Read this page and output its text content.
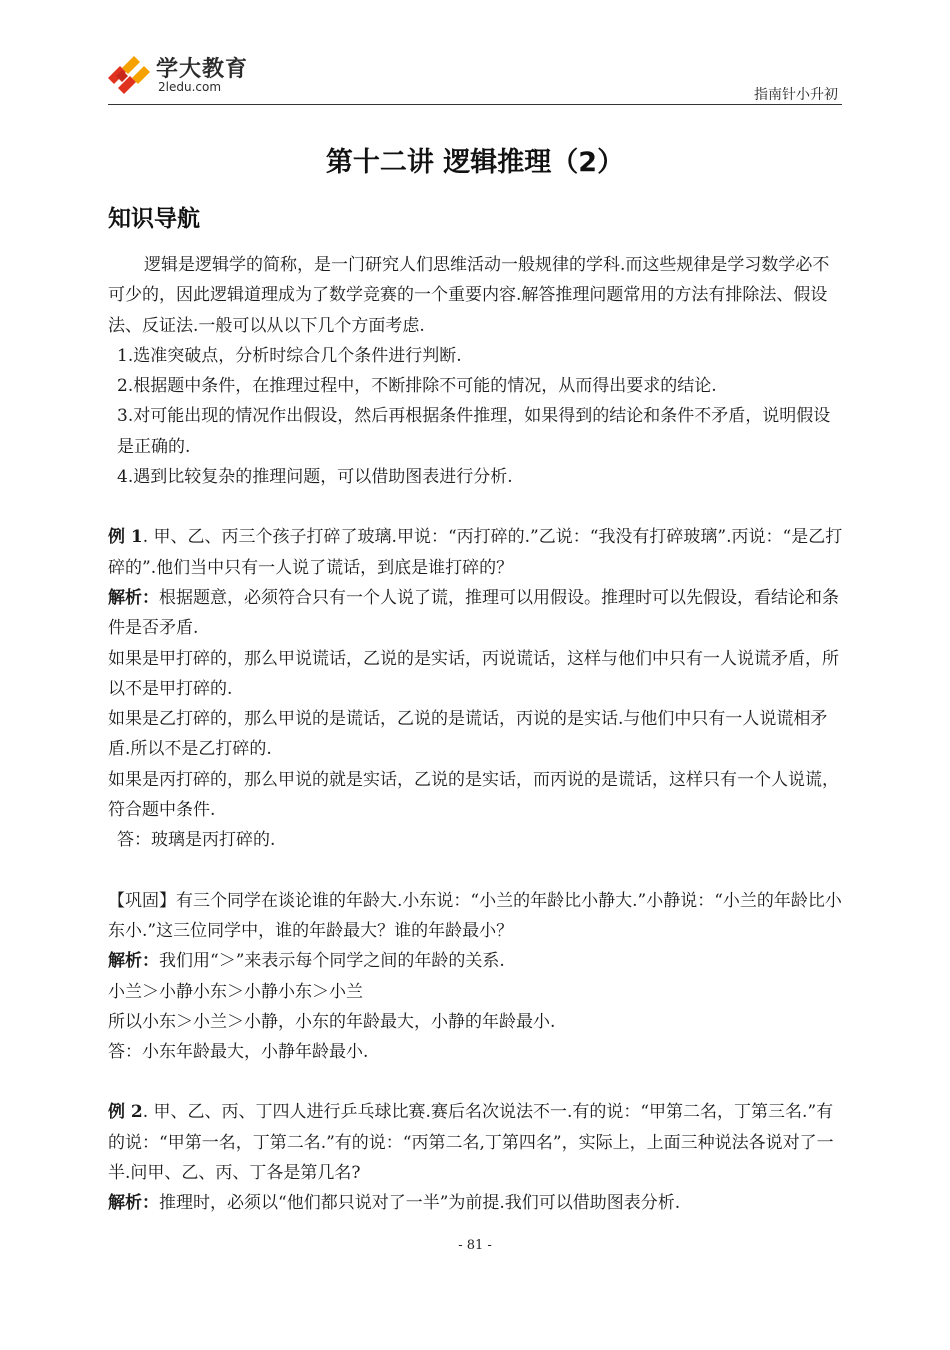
学大教育
2ledu.com	指南针小升初
第十二讲 逻辑推理（2）
知识导航

逻辑是逻辑学的简称，是一门研究人们思维活动一般规律的学科.而这些规律是学习数学必不可少的，因此逻辑道理成为了数学竞赛的一个重要内容.解答推理问题常用的方法有排除法、假设法、反证法.一般可以从以下几个方面考虑.

1.选准突破点，分析时综合几个条件进行判断.

2.根据题中条件，在推理过程中，不断排除不可能的情况，从而得出要求的结论.

3.对可能出现的情况作出假设，然后再根据条件推理，如果得到的结论和条件不矛盾，说明假设是正确的.

4.遇到比较复杂的推理问题，可以借助图表进行分析.

例 1. 甲、乙、丙三个孩子打碎了玻璃.甲说：“丙打碎的.”乙说：“我没有打碎玻璃”.丙说：“是乙打碎的”.他们当中只有一人说了谎话，到底是谁打碎的？

解析：根据题意，必须符合只有一个人说了谎，推理可以用假设。推理时可以先假设，看结论和条件是否矛盾.

如果是甲打碎的，那么甲说谎话，乙说的是实话，丙说谎话，这样与他们中只有一人说谎矛盾，所以不是甲打碎的.

如果是乙打碎的，那么甲说的是谎话，乙说的是谎话，丙说的是实话.与他们中只有一人说谎相矛盾.所以不是乙打碎的.

如果是丙打碎的，那么甲说的就是实话，乙说的是实话，而丙说的是谎话，这样只有一个人说谎，符合题中条件.

答：玻璃是丙打碎的.

【巩固】有三个同学在谈论谁的年龄大.小东说：“小兰的年龄比小静大.”小静说：“小兰的年龄比小东小.”这三位同学中，谁的年龄最大？谁的年龄最小？

解析：我们用“＞”来表示每个同学之间的年龄的关系.

小兰＞小静小东＞小静小东＞小兰

所以小东＞小兰＞小静，小东的年龄最大，小静的年龄最小.

答：小东年龄最大，小静年龄最小.

例 2. 甲、乙、丙、丁四人进行乒乓球比赛.赛后名次说法不一.有的说：“甲第二名，丁第三名.”有的说：“甲第一名，丁第二名.”有的说：“丙第二名,丁第四名”，实际上，上面三种说法各说对了一半.问甲、乙、丙、丁各是第几名?

解析：推理时，必须以“他们都只说对了一半”为前提.我们可以借助图表分析.

- 81 -
